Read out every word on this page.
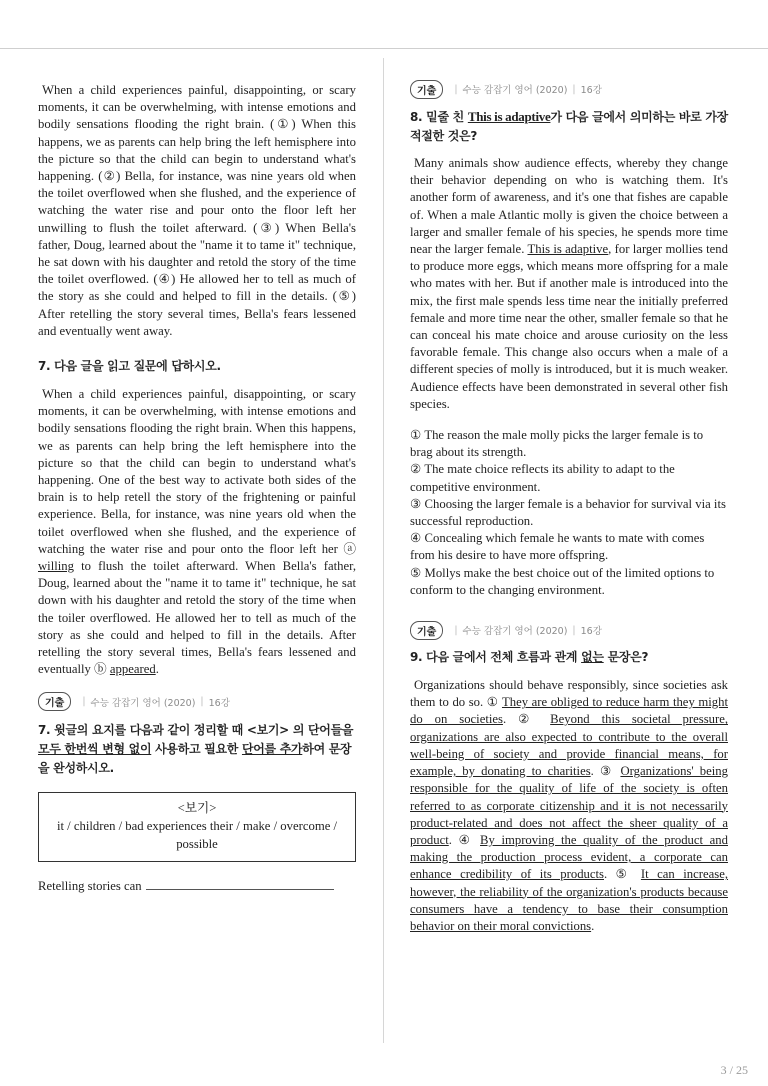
When a child experiences painful, disappointing, or scary moments, it can be overwhelming, with intense emotions and bodily sensations flooding the right brain. (①) When this happens, we as parents can help bring the left hemisphere into the picture so that the child can begin to understand what's happening. (②) Bella, for instance, was nine years old when the toilet overflowed when she flushed, and the experience of watching the water rise and pour onto the floor left her unwilling to flush the toilet afterward. (③) When Bella's father, Doug, learned about the "name it to tame it" technique, he sat down with his daughter and retold the story of the time the toilet overflowed. (④) He allowed her to tell as much of the story as she could and helped to fill in the details. (⑤) After retelling the story several times, Bella's fears lessened and eventually went away.

7. 다음 글을 읽고 질문에 답하시오.

When a child experiences painful, disappointing, or scary moments, it can be overwhelming, with intense emotions and bodily sensations flooding the right brain. When this happens, we as parents can help bring the left hemisphere into the picture so that the child can begin to understand what's happening. One of the best way to activate both sides of the brain is to help retell the story of the frightening or painful experience. Bella, for instance, was nine years old when the toilet overflowed when she flushed, and the experience of watching the water rise and pour onto the floor left her ⓐ willing to flush the toilet afterward. When Bella's father, Doug, learned about the "name it to tame it" technique, he sat down with his daughter and retold the story of the time when the toiler overflowed. He allowed her to tell as much of the story as she could and helped to fill in the details. After retelling the story several times, Bella's fears lessened and eventually ⓑ appeared.

기출	| 수능 감잡기 영어 (2020) | 16강

7. 윗글의 요지를 다음과 같이 정리할 때 <보기> 의 단어들을 모두 한번씩 변형 없이 사용하고 필요한 단어를 추가하여 문장을 완성하시오.

<보기>
it / children / bad experiences their / make / overcome / possible

Retelling stories can

기출	| 수능 감잡기 영어 (2020) | 16강

8. 밑줄 친 This is adaptive가 다음 글에서 의미하는 바로 가장 적절한 것은?

Many animals show audience effects, whereby they change their behavior depending on who is watching them. It's another form of awareness, and it's one that fishes are capable of. When a male Atlantic molly is given the choice between a larger and smaller female of his species, he spends more time near the larger female. This is adaptive, for larger mollies tend to produce more eggs, which means more offspring for a male who mates with her. But if another male is introduced into the mix, the first male spends less time near the initially preferred female and more time near the other, smaller female so that he can conceal his mate choice and arouse curiosity on the less favorable female. This change also occurs when a male of a different species of molly is introduced, but it is much weaker. Audience effects have been demonstrated in several other fish species.

① The reason the male molly picks the larger female is to brag about its strength.

② The mate choice reflects its ability to adapt to the competitive environment.

③ Choosing the larger female is a behavior for survival via its successful reproduction.

④ Concealing which female he wants to mate with comes from his desire to have more offspring.

⑤ Mollys make the best choice out of the limited options to conform to the changing environment.

기출	| 수능 감잡기 영어 (2020) | 16강

9. 다음 글에서 전체 흐름과 관계 없는 문장은?

Organizations should behave responsibly, since societies ask them to do so. ① They are obliged to reduce harm they might do on societies. ② Beyond this societal pressure, organizations are also expected to contribute to the overall well-being of society and provide financial means, for example, by donating to charities. ③ Organizations' being responsible for the quality of life of the society is often referred to as corporate citizenship and it is not necessarily product-related and does not affect the sheer quality of a product. ④ By improving the quality of the product and making the production process evident, a corporate can enhance credibility of its products. ⑤ It can increase, however, the reliability of the organization's products because consumers have a tendency to base their consumption behavior on their moral convictions.

3 / 25
